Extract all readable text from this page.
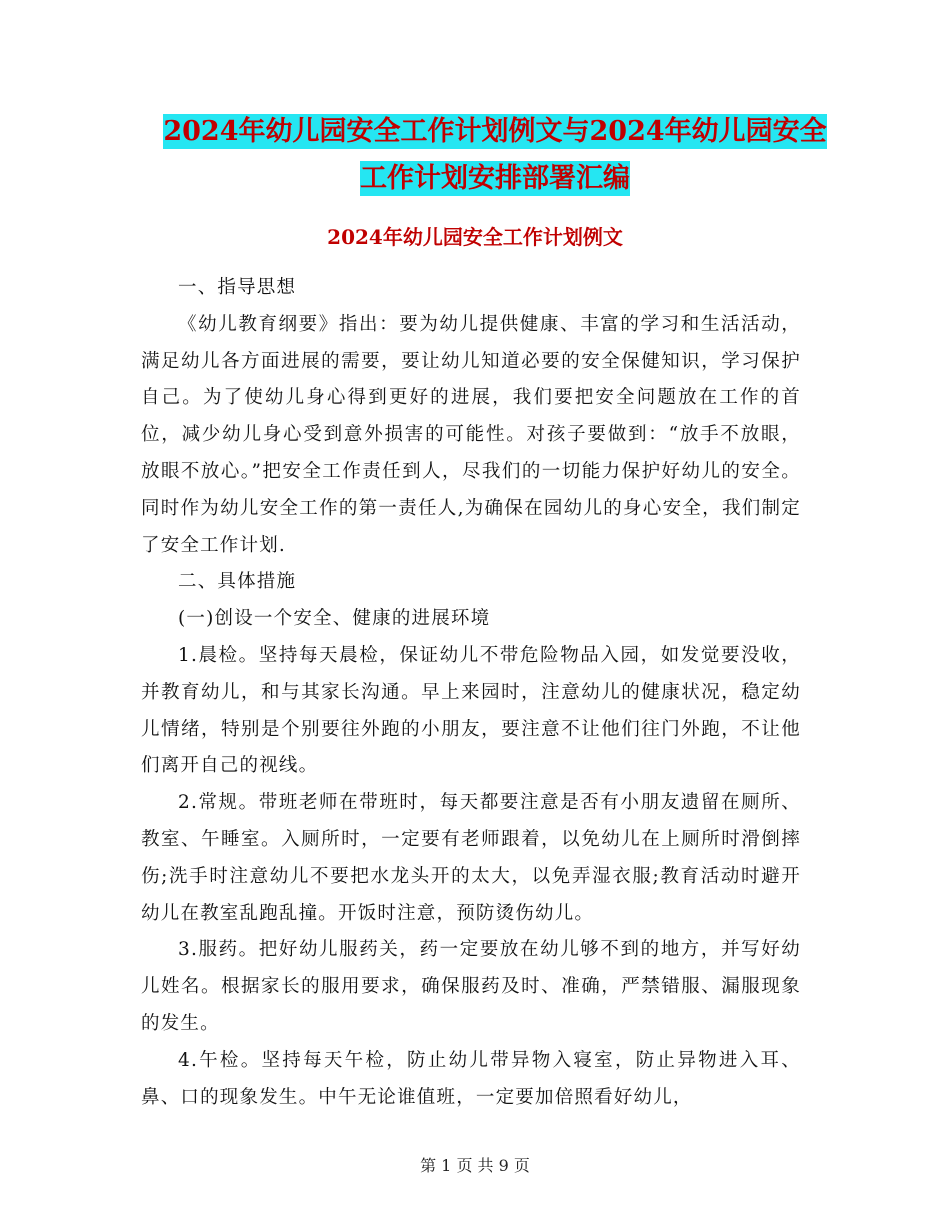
2024年幼儿园安全工作计划例文与2024年幼儿园安全
工作计划安排部署汇编
2024年幼儿园安全工作计划例文

一、指导思想

《幼儿教育纲要》指出：要为幼儿提供健康、丰富的学习和生活活动，满足幼儿各方面进展的需要，要让幼儿知道必要的安全保健知识，学习保护自己。为了使幼儿身心得到更好的进展，我们要把安全问题放在工作的首位，减少幼儿身心受到意外损害的可能性。对孩子要做到：“放手不放眼，放眼不放心。”把安全工作责任到人，尽我们的一切能力保护好幼儿的安全。同时作为幼儿安全工作的第一责任人,为确保在园幼儿的身心安全，我们制定了安全工作计划.

二、具体措施

(一)创设一个安全、健康的进展环境

1.晨检。坚持每天晨检，保证幼儿不带危险物品入园，如发觉要没收，并教育幼儿，和与其家长沟通。早上来园时，注意幼儿的健康状况，稳定幼儿情绪，特别是个别要往外跑的小朋友，要注意不让他们往门外跑，不让他们离开自己的视线。

2.常规。带班老师在带班时，每天都要注意是否有小朋友遗留在厕所、教室、午睡室。入厕所时，一定要有老师跟着，以免幼儿在上厕所时滑倒摔伤;洗手时注意幼儿不要把水龙头开的太大，以免弄湿衣服;教育活动时避开幼儿在教室乱跑乱撞。开饭时注意，预防烫伤幼儿。

3.服药。把好幼儿服药关，药一定要放在幼儿够不到的地方，并写好幼儿姓名。根据家长的服用要求，确保服药及时、准确，严禁错服、漏服现象的发生。

4.午检。坚持每天午检，防止幼儿带异物入寝室，防止异物进入耳、鼻、口的现象发生。中午无论谁值班，一定要加倍照看好幼儿，

第 1 页 共 9 页
